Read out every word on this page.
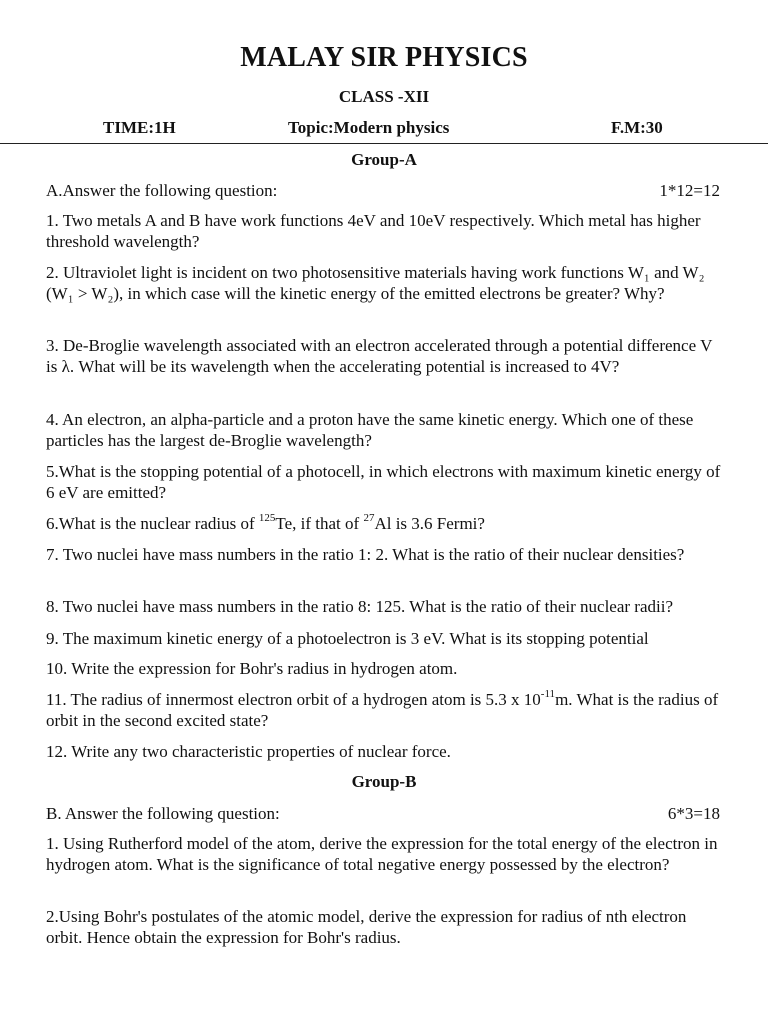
MALAY SIR PHYSICS
CLASS -XII
TIME:1H	Topic:Modern physics	F.M:30
Group-A
A.Answer the following question:	1*12=12
1. Two metals A and B have work functions 4eV and 10eV respectively. Which metal has higher threshold wavelength?
2. Ultraviolet light is incident on two photosensitive materials having work functions W₁ and W₂ (W₁ > W₂), in which case will the kinetic energy of the emitted electrons be greater? Why?
3. De-Broglie wavelength associated with an electron accelerated through a potential difference V is λ. What will be its wavelength when the accelerating potential is increased to 4V?
4. An electron, an alpha-particle and a proton have the same kinetic energy. Which one of these particles has the largest de-Broglie wavelength?
5.What is the stopping potential of a photocell, in which electrons with maximum kinetic energy of 6 eV are emitted?
6.What is the nuclear radius of $^{125}$Te, if that of $^{27}$Al is 3.6 Fermi?
7. Two nuclei have mass numbers in the ratio 1: 2. What is the ratio of their nuclear densities?
8. Two nuclei have mass numbers in the ratio 8: 125. What is the ratio of their nuclear radii?
9. The maximum kinetic energy of a photoelectron is 3 eV. What is its stopping potential
10. Write the expression for Bohr's radius in hydrogen atom.
11. The radius of innermost electron orbit of a hydrogen atom is 5.3 x $10^{-11}m$. What is the radius of orbit in the second excited state?
12. Write any two characteristic properties of nuclear force.
Group-B
B. Answer the following question:	6*3=18
1. Using Rutherford model of the atom, derive the expression for the total energy of the electron in hydrogen atom. What is the significance of total negative energy possessed by the electron?
2.Using Bohr's postulates of the atomic model, derive the expression for radius of nth electron orbit. Hence obtain the expression for Bohr's radius.
